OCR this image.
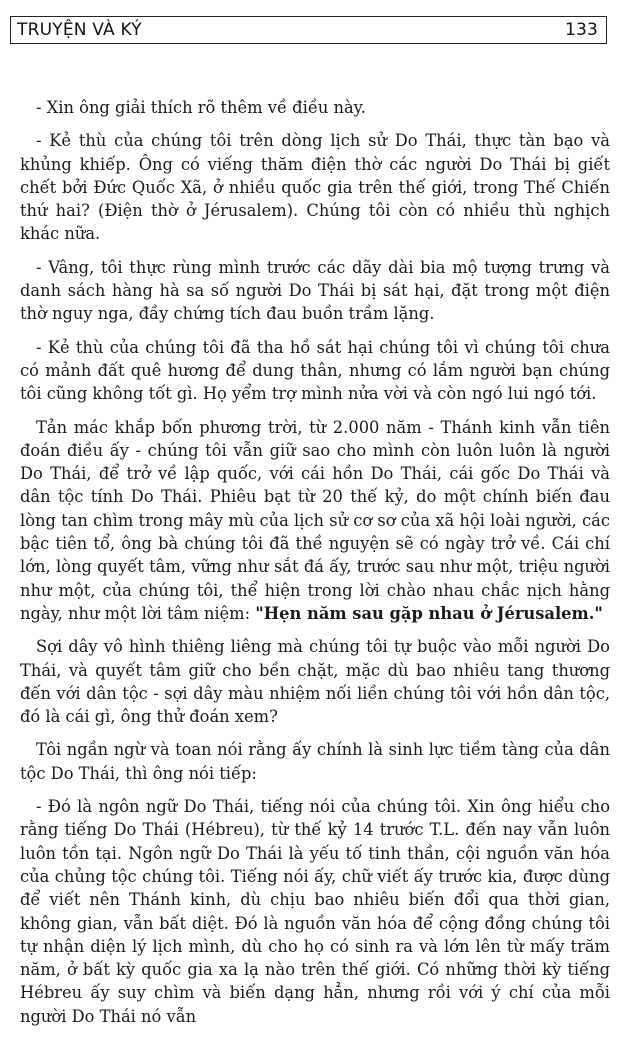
TRUYỆN VÀ KÝ	133

- Xin ông giải thích rõ thêm về điều này.

- Kẻ thù của chúng tôi trên dòng lịch sử Do Thái, thực tàn bạo và khủng khiếp. Ông có viếng thăm điện thờ các người Do Thái bị giết chết bởi Đức Quốc Xã, ở nhiều quốc gia trên thế giới, trong Thế Chiến thứ hai? (Điện thờ ở Jérusalem). Chúng tôi còn có nhiều thù nghịch khác nữa.

- Vâng, tôi thực rùng mình trước các dãy dài bia mộ tượng trưng và danh sách hàng hà sa số người Do Thái bị sát hại, đặt trong một điện thờ nguy nga, đầy chứng tích đau buồn trầm lặng.

- Kẻ thù của chúng tôi đã tha hồ sát hại chúng tôi vì chúng tôi chưa có mảnh đất quê hương để dung thân, nhưng có lắm người bạn chúng tôi cũng không tốt gì. Họ yểm trợ mình nửa vời và còn ngó lui ngó tới.

Tản mác khắp bốn phương trời, từ 2.000 năm - Thánh kinh vẫn tiên đoán điều ấy - chúng tôi vẫn giữ sao cho mình còn luôn luôn là người Do Thái, để trở về lập quốc, với cái hồn Do Thái, cái gốc Do Thái và dân tộc tính Do Thái. Phiêu bạt từ 20 thế kỷ, do một chính biến đau lòng tan chìm trong mây mù của lịch sử cơ sơ của xã hội loài người, các bậc tiên tổ, ông bà chúng tôi đã thề nguyện sẽ có ngày trở về. Cái chí lớn, lòng quyết tâm, vững như sắt đá ấy, trước sau như một, triệu người như một, của chúng tôi, thể hiện trong lời chào nhau chắc nịch hằng ngày, như một lời tâm niệm: "Hẹn năm sau gặp nhau ở Jérusalem."

Sợi dây vô hình thiêng liêng mà chúng tôi tự buộc vào mỗi người Do Thái, và quyết tâm giữ cho bền chặt, mặc dù bao nhiêu tang thương đến với dân tộc - sợi dây màu nhiệm nối liền chúng tôi với hồn dân tộc, đó là cái gì, ông thử đoán xem?

Tôi ngần ngừ và toan nói rằng ấy chính là sinh lực tiềm tàng của dân tộc Do Thái, thì ông nói tiếp:

- Đó là ngôn ngữ Do Thái, tiếng nói của chúng tôi. Xin ông hiểu cho rằng tiếng Do Thái (Hébreu), từ thế kỷ 14 trước T.L. đến nay vẫn luôn luôn tồn tại. Ngôn ngữ Do Thái là yếu tố tinh thần, cội nguồn văn hóa của chủng tộc chúng tôi. Tiếng nói ấy, chữ viết ấy trước kia, được dùng để viết nên Thánh kinh, dù chịu bao nhiêu biến đổi qua thời gian, không gian, vẫn bất diệt. Đó là nguồn văn hóa để cộng đồng chúng tôi tự nhận diện lý lịch mình, dù cho họ có sinh ra và lớn lên từ mấy trăm năm, ở bất kỳ quốc gia xa lạ nào trên thế giới. Có những thời kỳ tiếng Hébreu ấy suy chìm và biến dạng hẳn, nhưng rồi với ý chí của mỗi người Do Thái nó vẫn
